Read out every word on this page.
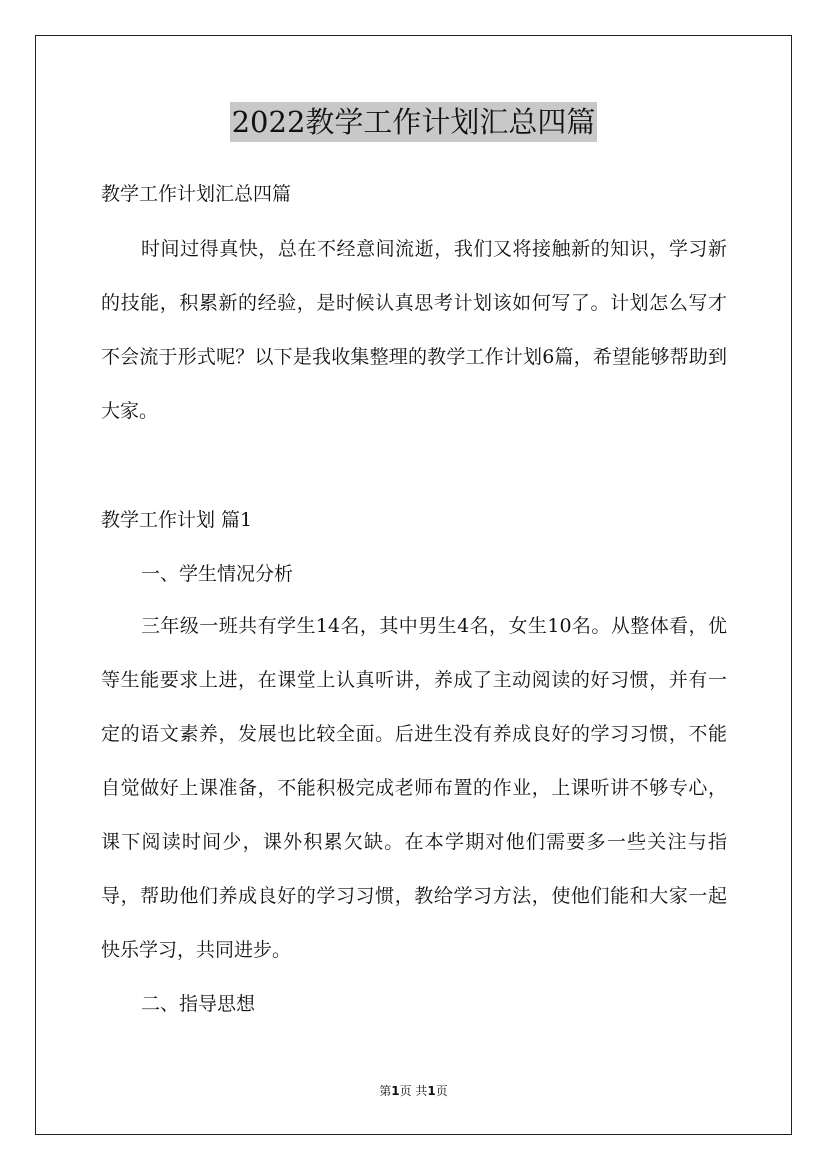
2022教学工作计划汇总四篇

教学工作计划汇总四篇

时间过得真快，总在不经意间流逝，我们又将接触新的知识，学习新的技能，积累新的经验，是时候认真思考计划该如何写了。计划怎么写才不会流于形式呢？以下是我收集整理的教学工作计划6篇，希望能够帮助到大家。

教学工作计划 篇1

一、学生情况分析

三年级一班共有学生14名，其中男生4名，女生10名。从整体看，优等生能要求上进，在课堂上认真听讲，养成了主动阅读的好习惯，并有一定的语文素养，发展也比较全面。后进生没有养成良好的学习习惯，不能自觉做好上课准备，不能积极完成老师布置的作业，上课听讲不够专心，课下阅读时间少，课外积累欠缺。在本学期对他们需要多一些关注与指导，帮助他们养成良好的学习习惯，教给学习方法，使他们能和大家一起快乐学习，共同进步。

二、指导思想

第1页 共1页
